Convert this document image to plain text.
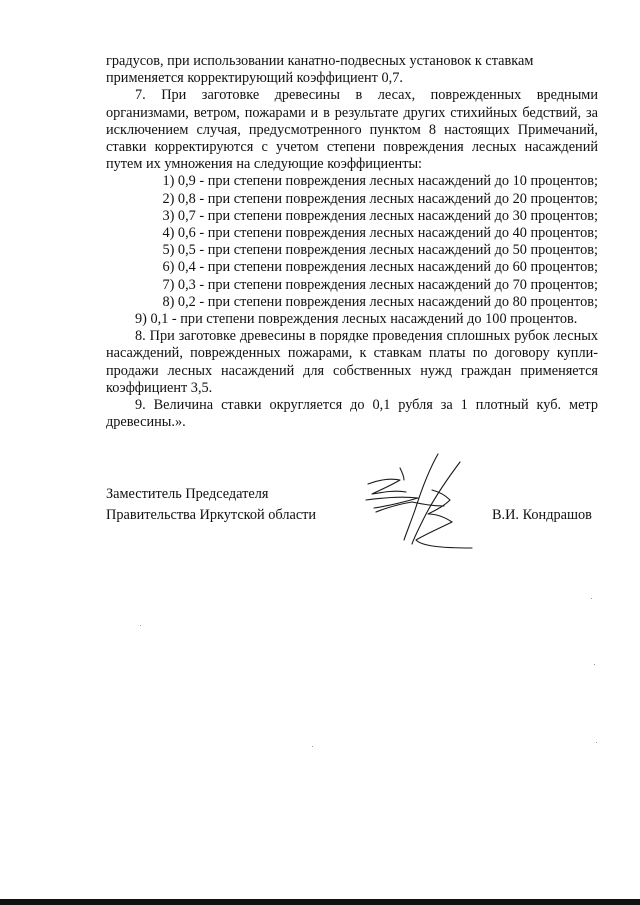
градусов, при использовании канатно-подвесных установок к ставкам

применяется корректирующий коэффициент 0,7.

7. При заготовке древесины в лесах, поврежденных вредными организмами, ветром, пожарами и в результате других стихийных бедствий, за исключением случая, предусмотренного пунктом 8 настоящих Примечаний, ставки корректируются с учетом степени повреждения лесных насаждений путем их умножения на следующие коэффициенты:

1) 0,9 - при степени повреждения лесных насаждений до 10 процентов;

2) 0,8 - при степени повреждения лесных насаждений до 20 процентов;

3) 0,7 - при степени повреждения лесных насаждений до 30 процентов;

4) 0,6 - при степени повреждения лесных насаждений до 40 процентов;

5) 0,5 - при степени повреждения лесных насаждений до 50 процентов;

6) 0,4 - при степени повреждения лесных насаждений до 60 процентов;

7) 0,3 - при степени повреждения лесных насаждений до 70 процентов;

8) 0,2 - при степени повреждения лесных насаждений до 80 процентов;

9) 0,1 - при степени повреждения лесных насаждений до 100 процентов.

8. При заготовке древесины в порядке проведения сплошных рубок лесных насаждений, поврежденных пожарами, к ставкам платы по договору купли-продажи лесных насаждений для собственных нужд граждан применяется коэффициент 3,5.

9. Величина ставки округляется до 0,1 рубля за 1 плотный куб. метр древесины.».

Заместитель Председателя

Правительства Иркутской области	В.И. Кондрашов
